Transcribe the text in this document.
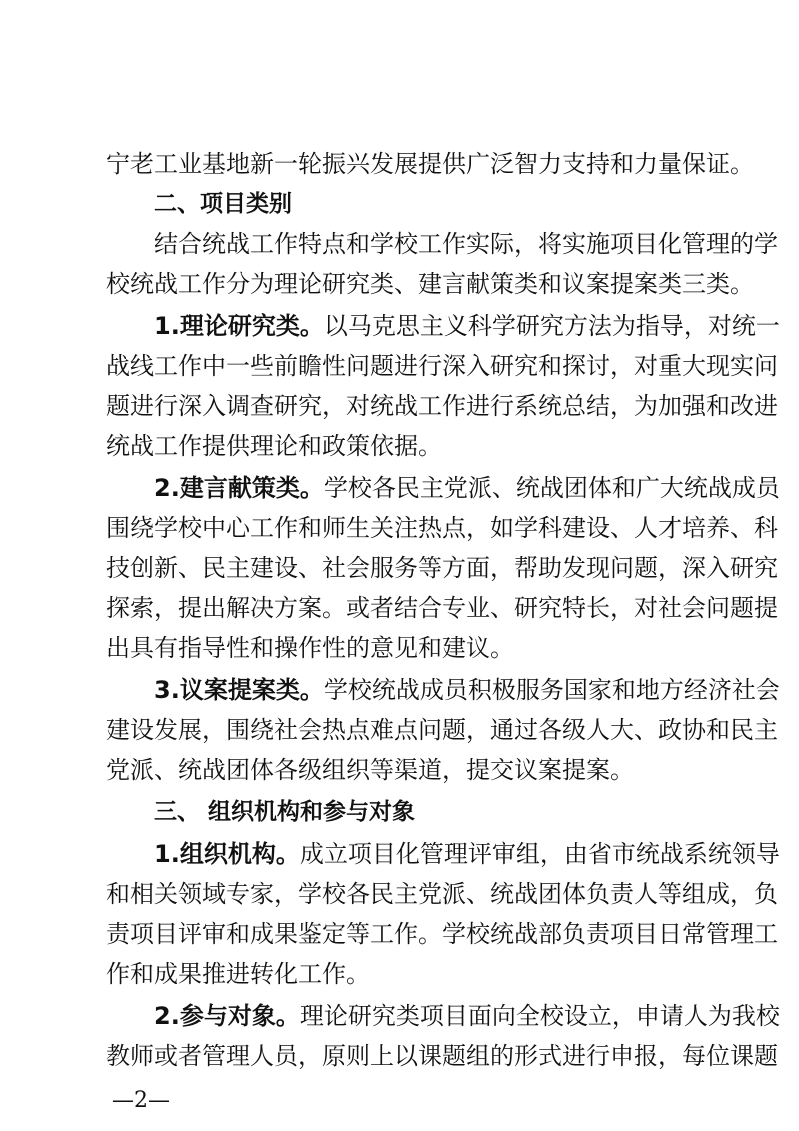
宁老工业基地新一轮振兴发展提供广泛智力支持和力量保证。
二、项目类别
结合统战工作特点和学校工作实际，将实施项目化管理的学
校统战工作分为理论研究类、建言献策类和议案提案类三类。
1.理论研究类。以马克思主义科学研究方法为指导，对统一
战线工作中一些前瞻性问题进行深入研究和探讨，对重大现实问
题进行深入调查研究，对统战工作进行系统总结，为加强和改进
统战工作提供理论和政策依据。
2.建言献策类。学校各民主党派、统战团体和广大统战成员
围绕学校中心工作和师生关注热点，如学科建设、人才培养、科
技创新、民主建设、社会服务等方面，帮助发现问题，深入研究
探索，提出解决方案。或者结合专业、研究特长，对社会问题提
出具有指导性和操作性的意见和建议。
3.议案提案类。学校统战成员积极服务国家和地方经济社会
建设发展，围绕社会热点难点问题，通过各级人大、政协和民主
党派、统战团体各级组织等渠道，提交议案提案。
三、 组织机构和参与对象
1.组织机构。成立项目化管理评审组，由省市统战系统领导
和相关领域专家，学校各民主党派、统战团体负责人等组成，负
责项目评审和成果鉴定等工作。学校统战部负责项目日常管理工
作和成果推进转化工作。
2.参与对象。理论研究类项目面向全校设立，申请人为我校
教师或者管理人员，原则上以课题组的形式进行申报，每位课题
—2—
